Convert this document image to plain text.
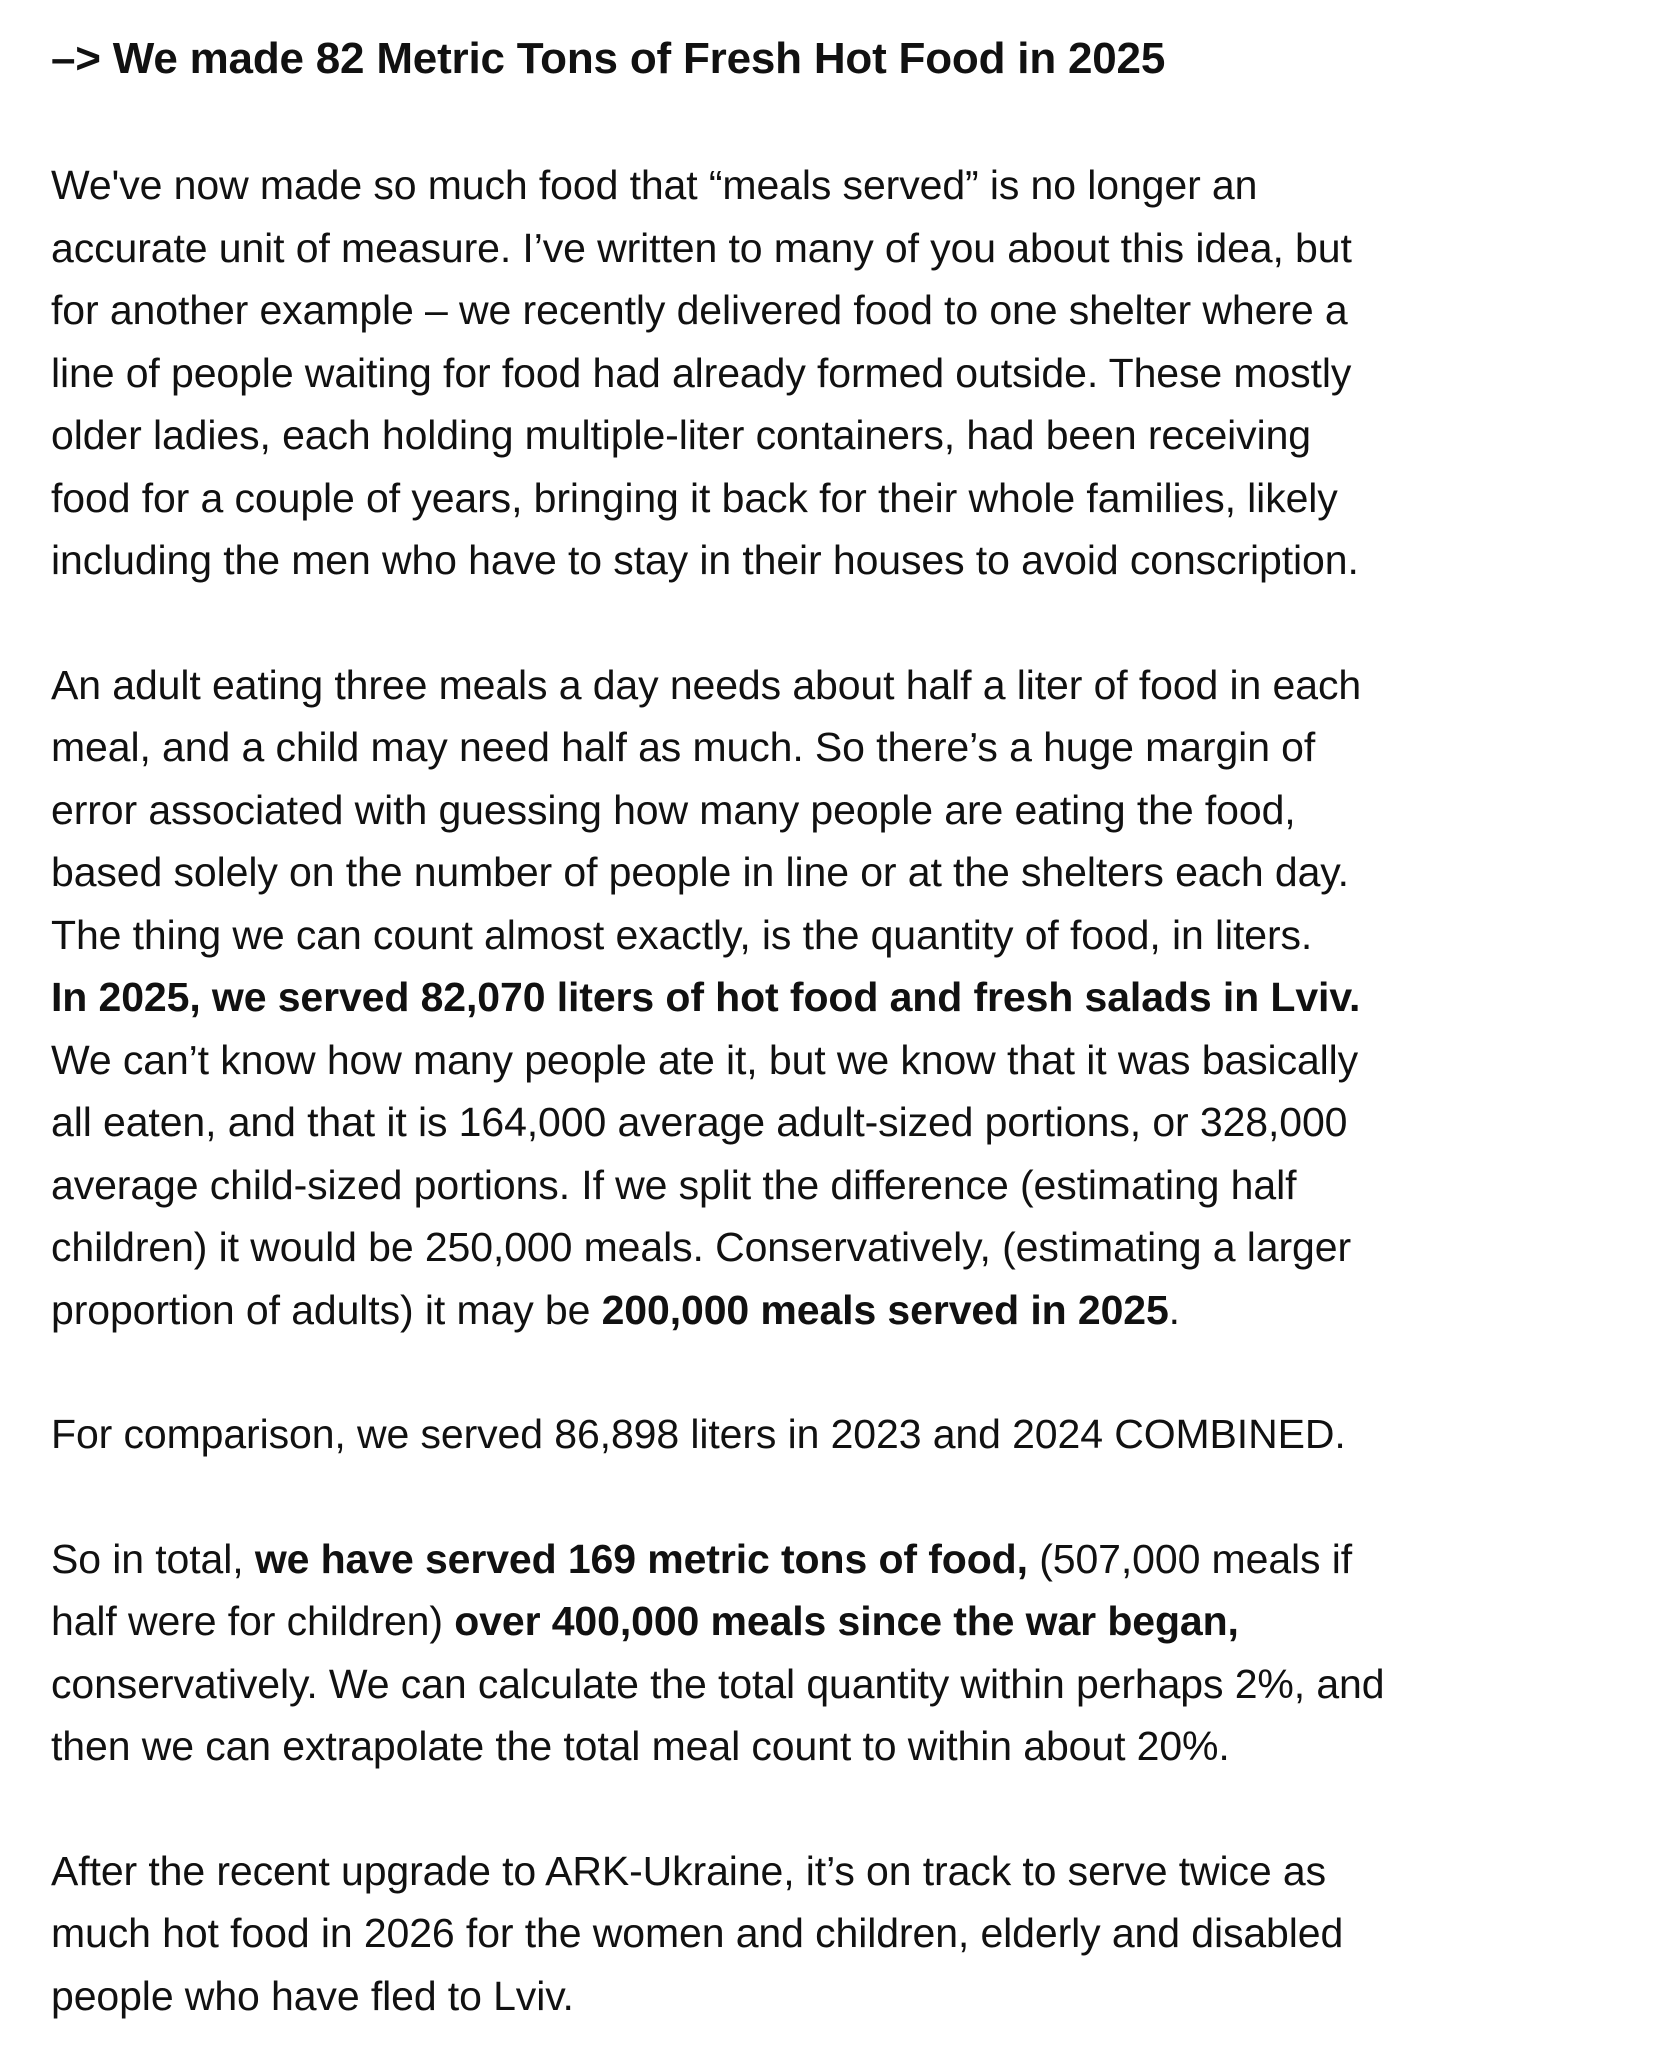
–> We made 82 Metric Tons of Fresh Hot Food in 2025
We've now made so much food that “meals served” is no longer an
accurate unit of measure. I’ve written to many of you about this idea, but
for another example – we recently delivered food to one shelter where a
line of people waiting for food had already formed outside. These mostly
older ladies, each holding multiple-liter containers, had been receiving
food for a couple of years, bringing it back for their whole families, likely
including the men who have to stay in their houses to avoid conscription.
An adult eating three meals a day needs about half a liter of food in each
meal, and a child may need half as much. So there’s a huge margin of
error associated with guessing how many people are eating the food,
based solely on the number of people in line or at the shelters each day.
The thing we can count almost exactly, is the quantity of food, in liters.
In 2025, we served 82,070 liters of hot food and fresh salads in Lviv.
We can’t know how many people ate it, but we know that it was basically
all eaten, and that it is 164,000 average adult-sized portions, or 328,000
average child-sized portions. If we split the difference (estimating half
children) it would be 250,000 meals. Conservatively, (estimating a larger
proportion of adults) it may be 200,000 meals served in 2025.
For comparison, we served 86,898 liters in 2023 and 2024 COMBINED.
So in total, we have served 169 metric tons of food, (507,000 meals if
half were for children) over 400,000 meals since the war began,
conservatively. We can calculate the total quantity within perhaps 2%, and
then we can extrapolate the total meal count to within about 20%.
After the recent upgrade to ARK-Ukraine, it’s on track to serve twice as
much hot food in 2026 for the women and children, elderly and disabled
people who have fled to Lviv.
